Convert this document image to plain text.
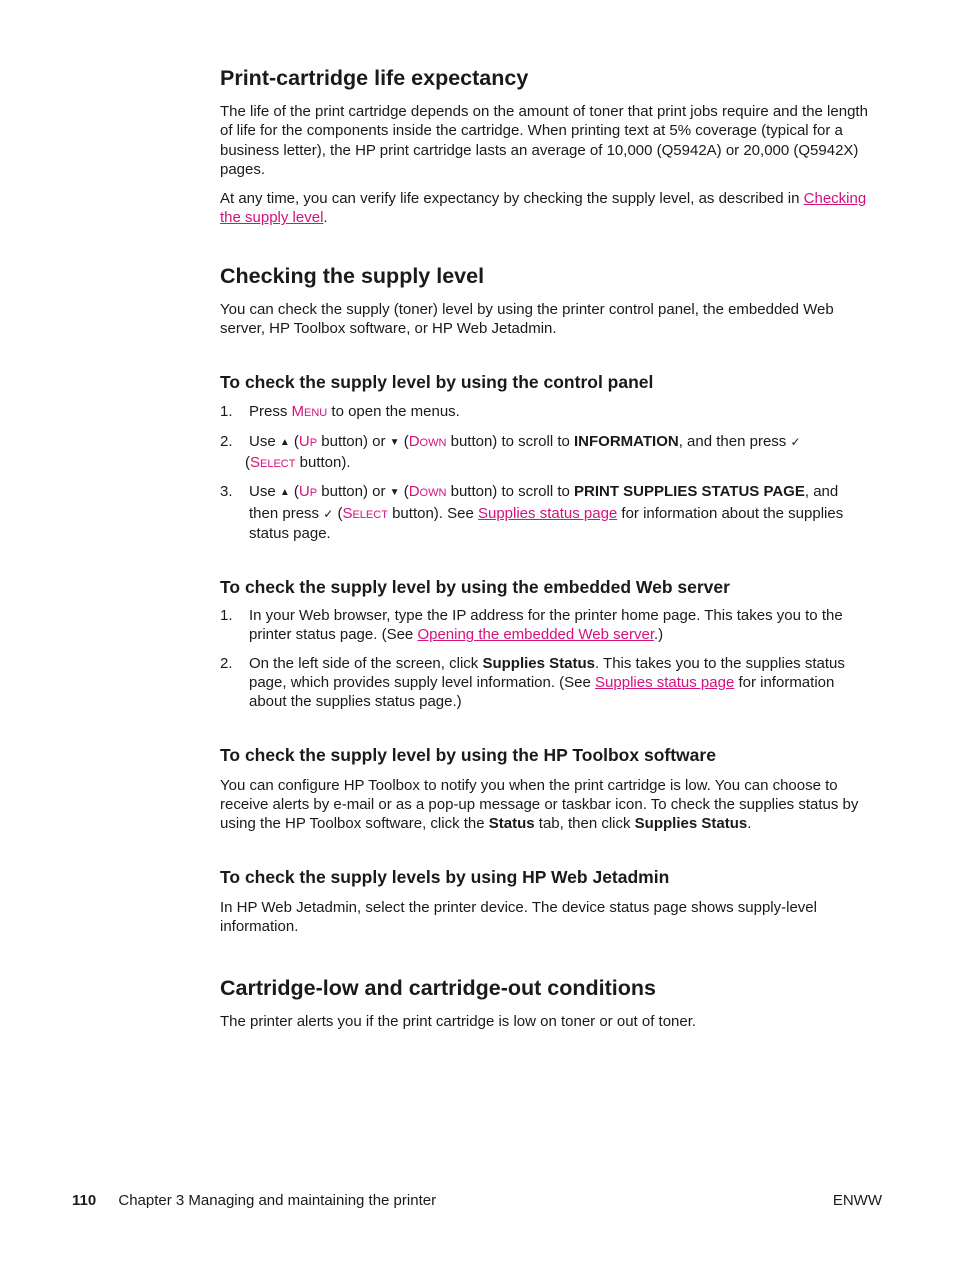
Print-cartridge life expectancy

The life of the print cartridge depends on the amount of toner that print jobs require and the length of life for the components inside the cartridge. When printing text at 5% coverage (typical for a business letter), the HP print cartridge lasts an average of 10,000 (Q5942A) or 20,000 (Q5942X) pages.

At any time, you can verify life expectancy by checking the supply level, as described in Checking the supply level.

Checking the supply level

You can check the supply (toner) level by using the printer control panel, the embedded Web server, HP Toolbox software, or HP Web Jetadmin.

To check the supply level by using the control panel
1. Press Menu to open the menus.
2. Use ▲ (Up button) or ▼ (Down button) to scroll to INFORMATION, and then press ✓
(Select button).
3. Use ▲ (Up button) or ▼ (Down button) to scroll to PRINT SUPPLIES STATUS PAGE, and then press ✓ (Select button). See Supplies status page for information about the supplies status page.
To check the supply level by using the embedded Web server
1. In your Web browser, type the IP address for the printer home page. This takes you to the printer status page. (See Opening the embedded Web server.)
2. On the left side of the screen, click Supplies Status. This takes you to the supplies status page, which provides supply level information. (See Supplies status page for information about the supplies status page.)
To check the supply level by using the HP Toolbox software

You can configure HP Toolbox to notify you when the print cartridge is low. You can choose to receive alerts by e-mail or as a pop-up message or taskbar icon. To check the supplies status by using the HP Toolbox software, click the Status tab, then click Supplies Status.

To check the supply levels by using HP Web Jetadmin

In HP Web Jetadmin, select the printer device. The device status page shows supply-level information.

Cartridge-low and cartridge-out conditions

The printer alerts you if the print cartridge is low on toner or out of toner.

110 Chapter 3 Managing and maintaining the printer	ENWW
